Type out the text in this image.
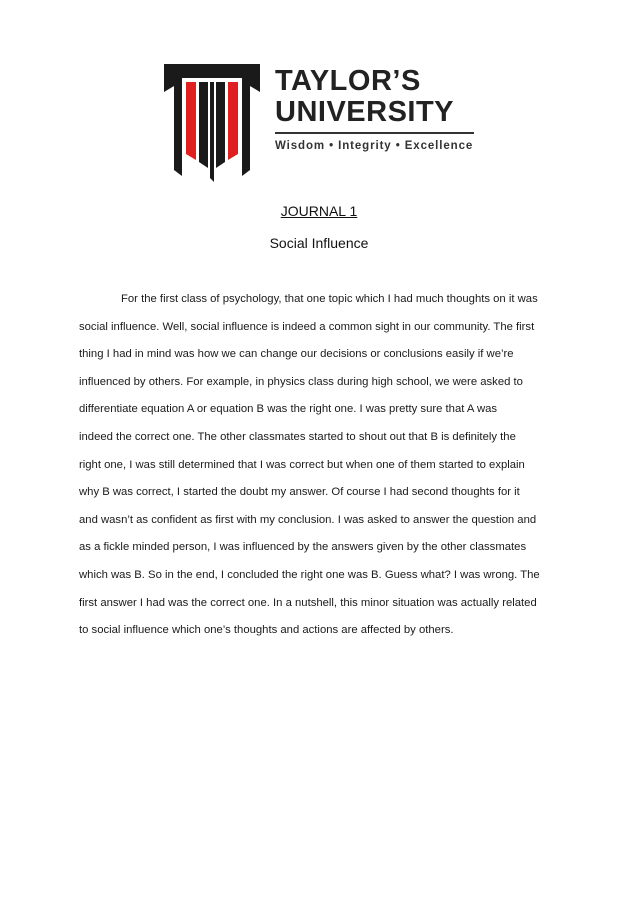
TAYLOR’S
UNIVERSITY
Wisdom • Integrity • Excellence
JOURNAL 1
Social Influence

For the first class of psychology, that one topic which I had much thoughts on it was
social influence. Well, social influence is indeed a common sight in our community. The first
thing I had in mind was how we can change our decisions or conclusions easily if we’re
influenced by others. For example, in physics class during high school, we were asked to
differentiate equation A or equation B was the right one. I was pretty sure that A was
indeed the correct one. The other classmates started to shout out that B is definitely the
right one, I was still determined that I was correct but when one of them started to explain
why B was correct, I started the doubt my answer. Of course I had second thoughts for it
and wasn’t as confident as first with my conclusion. I was asked to answer the question and
as a fickle minded person, I was influenced by the answers given by the other classmates
which was B. So in the end, I concluded the right one was B. Guess what? I was wrong. The
first answer I had was the correct one. In a nutshell, this minor situation was actually related
to social influence which one’s thoughts and actions are affected by others.
